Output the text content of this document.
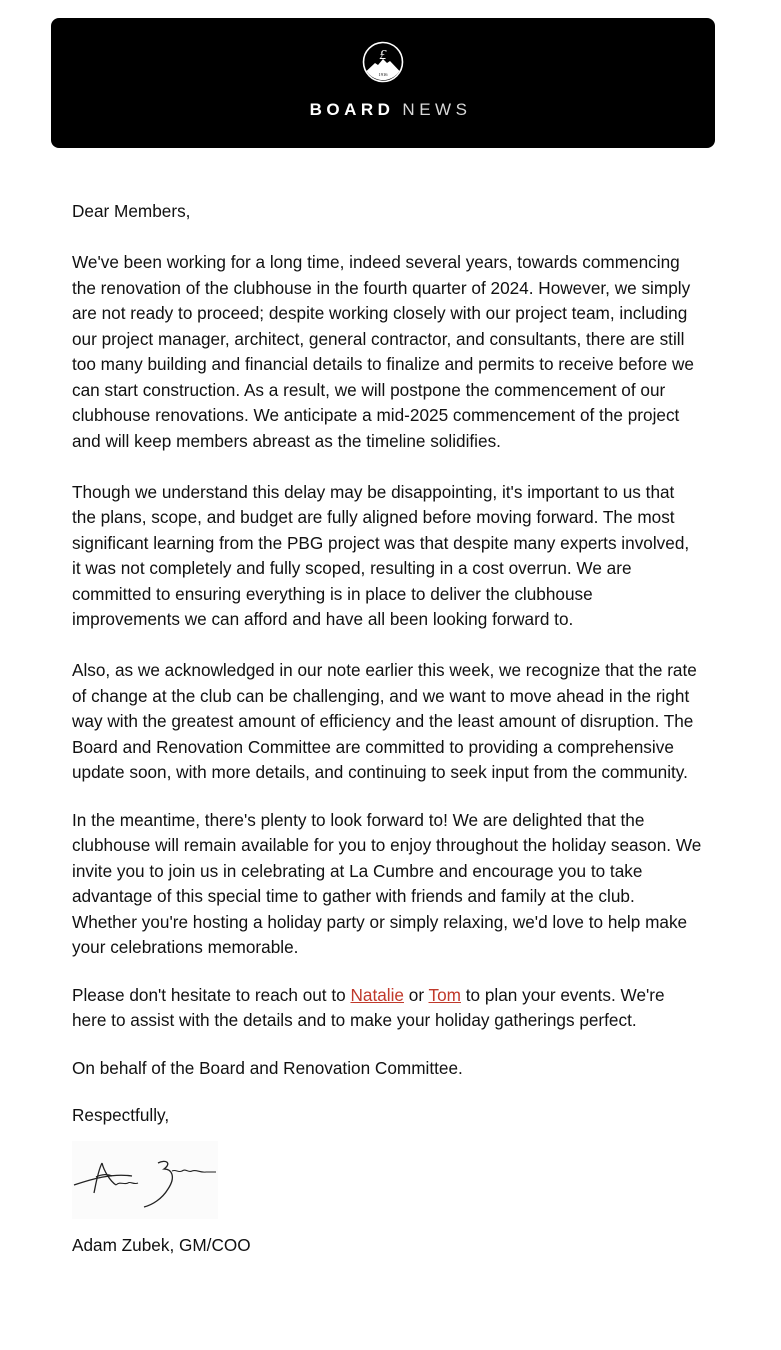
£
1916
BOARD NEWS

Dear Members,

We've been working for a long time, indeed several years, towards commencing the renovation of the clubhouse in the fourth quarter of 2024. However, we simply are not ready to proceed; despite working closely with our project team, including our project manager, architect, general contractor, and consultants, there are still too many building and financial details to finalize and permits to receive before we can start construction. As a result, we will postpone the commencement of our clubhouse renovations. We anticipate a mid-2025 commencement of the project and will keep members abreast as the timeline solidifies.

Though we understand this delay may be disappointing, it's important to us that the plans, scope, and budget are fully aligned before moving forward. The most significant learning from the PBG project was that despite many experts involved, it was not completely and fully scoped, resulting in a cost overrun. We are committed to ensuring everything is in place to deliver the clubhouse improvements we can afford and have all been looking forward to.

Also, as we acknowledged in our note earlier this week, we recognize that the rate of change at the club can be challenging, and we want to move ahead in the right way with the greatest amount of efficiency and the least amount of disruption. The Board and Renovation Committee are committed to providing a comprehensive update soon, with more details, and continuing to seek input from the community.

In the meantime, there's plenty to look forward to! We are delighted that the clubhouse will remain available for you to enjoy throughout the holiday season. We invite you to join us in celebrating at La Cumbre and encourage you to take advantage of this special time to gather with friends and family at the club. Whether you're hosting a holiday party or simply relaxing, we'd love to help make your celebrations memorable.

Please don't hesitate to reach out to Natalie or Tom to plan your events. We're here to assist with the details and to make your holiday gatherings perfect.

On behalf of the Board and Renovation Committee.

Respectfully,

Adam Zubek, GM/COO
